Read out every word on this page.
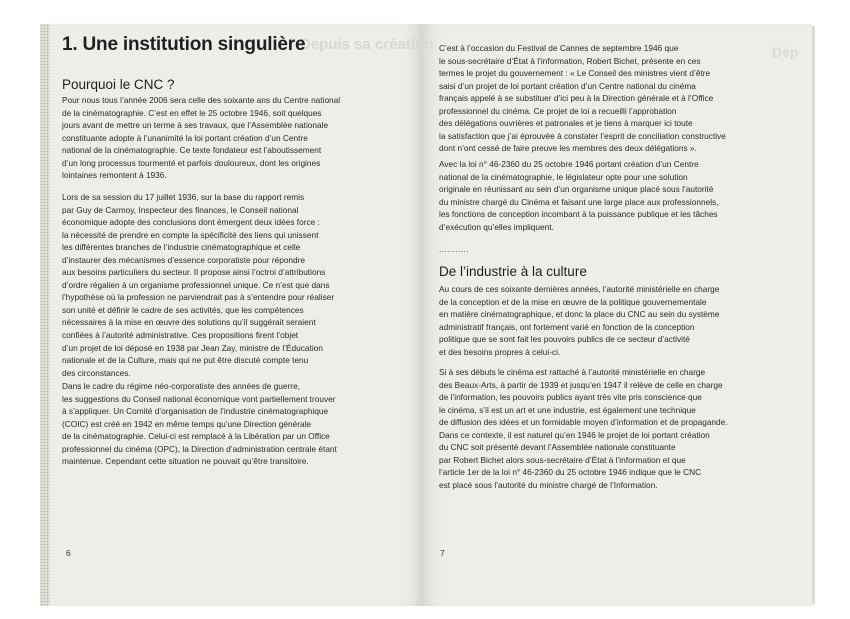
Depuis sa création	Dép
1. Une institution singulière
Pourquoi le CNC ?
Pour nous tous l’année 2006 sera celle des soixante ans du Centre national
de la cinématographie. C’est en effet le 25 octobre 1946, soit quelques
jours avant de mettre un terme à ses travaux, que l’Assemblée nationale
constituante adopte à l’unanimité la loi portant création d’un Centre
national de la cinématographie. Ce texte fondateur est l’aboutissement
d’un long processus tourmenté et parfois douloureux, dont les origines
lointaines remontent à 1936.
Lors de sa session du 17 juillet 1936, sur la base du rapport remis
par Guy de Carmoy, Inspecteur des finances, le Conseil national
économique adopte des conclusions dont émergent deux idées force :
la nécessité de prendre en compte la spécificité des liens qui unissent
les différentes branches de l’industrie cinématographique et celle
d’instaurer des mécanismes d’essence corporatiste pour répondre
aux besoins particuliers du secteur. Il propose ainsi l’octroi d’attributions
d’ordre régalien à un organisme professionnel unique. Ce n’est que dans
l’hypothèse où la profession ne parviendrait pas à s’entendre pour réaliser
son unité et définir le cadre de ses activités, que les compétences
nécessaires à la mise en œuvre des solutions qu’il suggérait seraient
confiées à l’autorité administrative. Ces propositions firent l’objet
d’un projet de loi déposé en 1938 par Jean Zay, ministre de l’Éducation
nationale et de la Culture, mais qui ne put être discuté compte tenu
des circonstances.
Dans le cadre du régime néo-corporatiste des années de guerre,
les suggestions du Conseil national économique vont partiellement trouver
à s’appliquer. Un Comité d’organisation de l’industrie cinématographique
(COIC) est créé en 1942 en même temps qu’une Direction générale
de la cinématographie. Celui-ci est remplacé à la Libération par un Office
professionnel du cinéma (OPC), la Direction d’administration centrale étant
maintenue. Cependant cette situation ne pouvait qu’être transitoire.
6
C’est à l’occasion du Festival de Cannes de septembre 1946 que
le sous-secrétaire d’État à l’information, Robert Bichet, présente en ces
termes le projet du gouvernement : « Le Conseil des ministres vient d’être
saisi d’un projet de loi portant création d’un Centre national du cinéma
français appelé à se substituer d’ici peu à la Direction générale et à l’Office
professionnel du cinéma. Ce projet de loi a recueilli l’approbation
des délégations ouvrières et patronales et je tiens à marquer ici toute
la satisfaction que j’ai éprouvée à constater l’esprit de conciliation constructive
dont n’ont cessé de faire preuve les membres des deux délégations ».
Avec la loi n° 46-2360 du 25 octobre 1946 portant création d’un Centre
national de la cinématographie, le législateur opte pour une solution
originale en réunissant au sein d’un organisme unique placé sous l’autorité
du ministre chargé du Cinéma et faisant une large place aux professionnels,
les fonctions de conception incombant à la puissance publique et les tâches
d’exécution qu’elles impliquent.
...........
De l’industrie à la culture
Au cours de ces soixante dernières années, l’autorité ministérielle en charge
de la conception et de la mise en œuvre de la politique gouvernementale
en matière cinématographique, et donc la place du CNC au sein du système
administratif français, ont fortement varié en fonction de la conception
politique que se sont fait les pouvoirs publics de ce secteur d’activité
et des besoins propres à celui-ci.
Si à ses débuts le cinéma est rattaché à l’autorité ministérielle en charge
des Beaux-Arts, à partir de 1939 et jusqu’en 1947 il relève de celle en charge
de l’information, les pouvoirs publics ayant très vite pris conscience que
le cinéma, s’il est un art et une industrie, est également une technique
de diffusion des idées et un formidable moyen d’information et de propagande.
Dans ce contexte, il est naturel qu’en 1946 le projet de loi portant création
du CNC soit présenté devant l’Assemblée nationale constituante
par Robert Bichet alors sous-secrétaire d’État à l’information et que
l’article 1er de la loi n° 46-2360 du 25 octobre 1946 indique que le CNC
est placé sous l’autorité du ministre chargé de l’Information.
7
